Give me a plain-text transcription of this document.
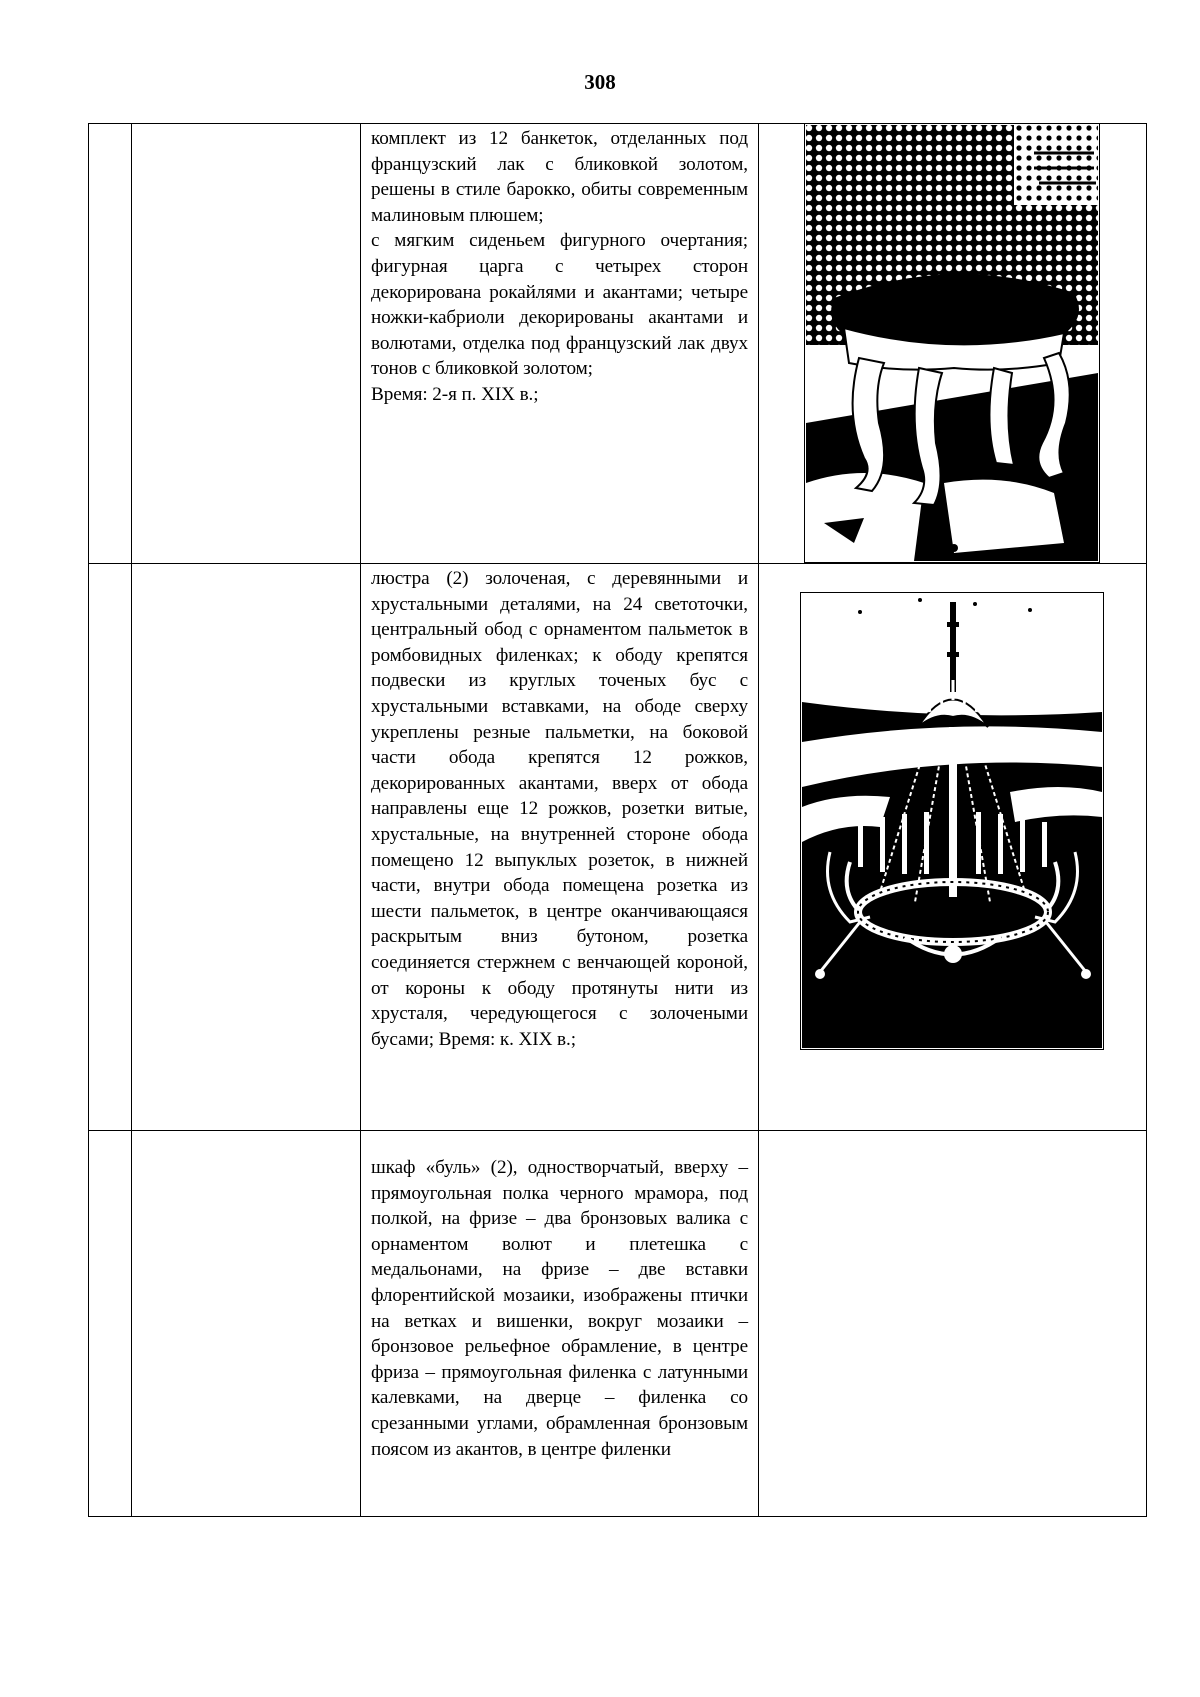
308

		комплект из 12 банкеток, отделанных под французский лак с бликовкой золотом, решены в стиле барокко, обиты современным малиновым плюшем;

с мягким сиденьем фигурного очертания; фигурная царга с четырех сторон декорирована рокайлями и акантами; четыре ножки-кабриоли декорированы акантами и волютами, отделка под французский лак двух тонов с бликовкой золотом;

Время: 2-я п. XIX в.;

		люстра (2) золоченая, с деревянными и хрустальными деталями, на 24 светоточки, центральный обод с орнаментом пальметок в ромбовидных филенках; к ободу крепятся подвески из круглых точеных бус с хрустальными вставками, на ободе сверху укреплены резные пальметки, на боковой части обода крепятся 12 рожков, декорированных акантами, вверх от обода направлены еще 12 рожков, розетки витые, хрустальные, на внутренней стороне обода помещено 12 выпуклых розеток, в нижней части, внутри обода помещена розетка из шести пальметок, в центре оканчивающаяся раскрытым вниз бутоном, розетка соединяется стержнем с венчающей короной, от короны к ободу протянуты нити из хрусталя, чередующегося с золочеными бусами; Время: к. XIX в.;

		шкаф «буль» (2), одностворчатый, вверху – прямоугольная полка черного мрамора, под полкой, на фризе – два бронзовых валика с орнаментом волют и плетешка с медальонами, на фризе – две вставки флорентийской мозаики, изображены птички на ветках и вишенки, вокруг мозаики – бронзовое рельефное обрамление, в центре фриза – прямоугольная филенка с латунными калевками, на дверце – филенка со срезанными углами, обрамленная бронзовым поясом из акантов, в центре филенки	
